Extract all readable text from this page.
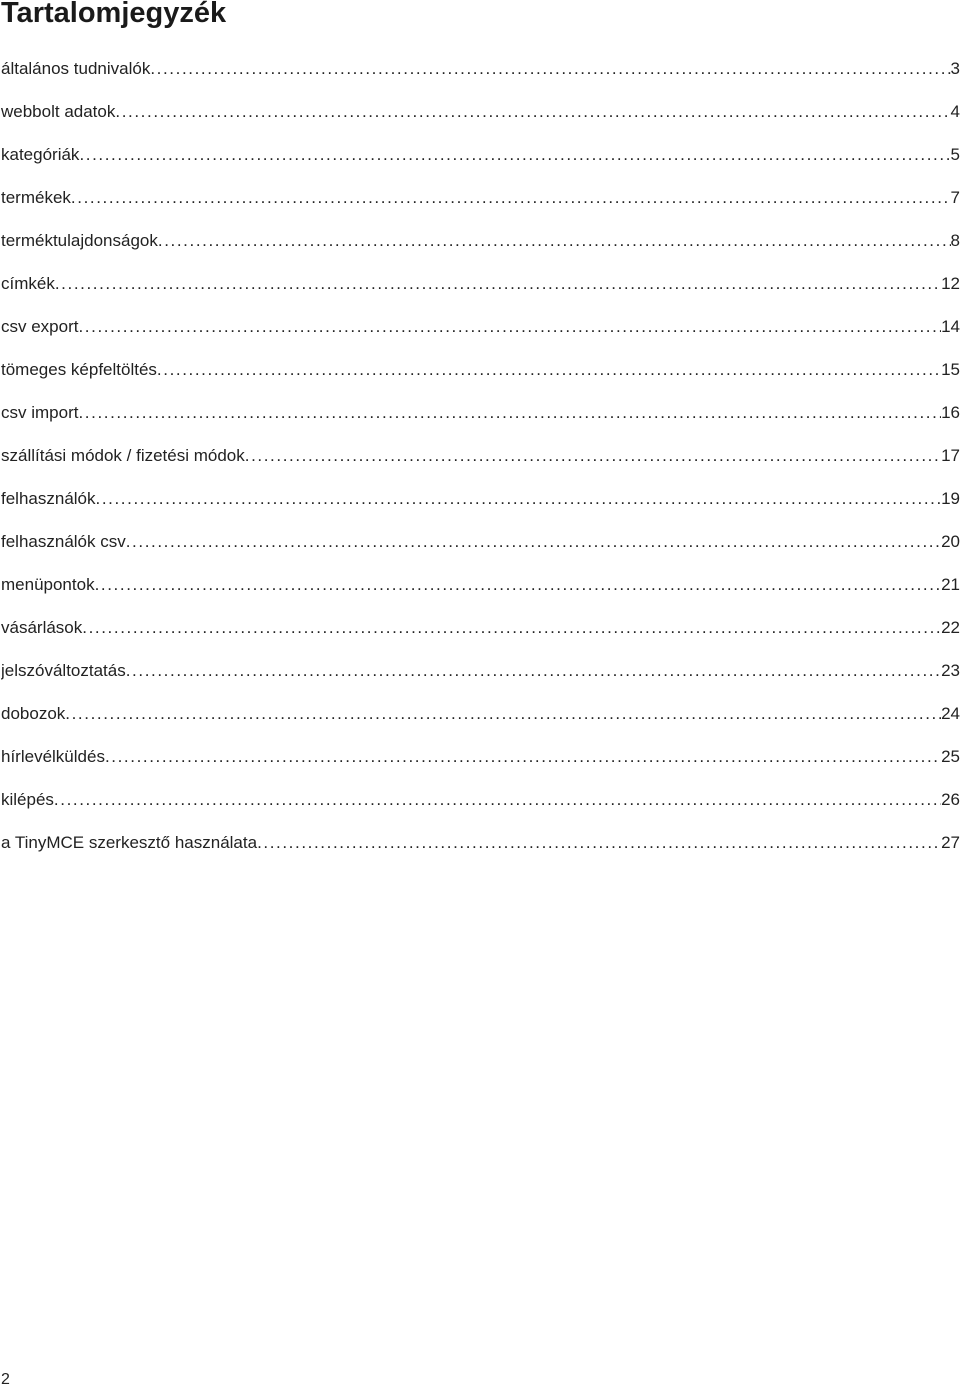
Tartalomjegyzék
általános tudnivalók .....	3
webbolt adatok .....	4
kategóriák .....	5
termékek .....	7
terméktulajdonságok .....	8
címkék .....	12
csv export .....	14
tömeges képfeltöltés .....	15
csv import .....	16
szállítási módok / fizetési módok .....	17
felhasználók .....	19
felhasználók csv .....	20
menüpontok .....	21
vásárlások .....	22
jelszóváltoztatás .....	23
dobozok .....	24
hírlevélküldés .....	25
kilépés .....	26
a TinyMCE szerkesztő használata .....	27
2
